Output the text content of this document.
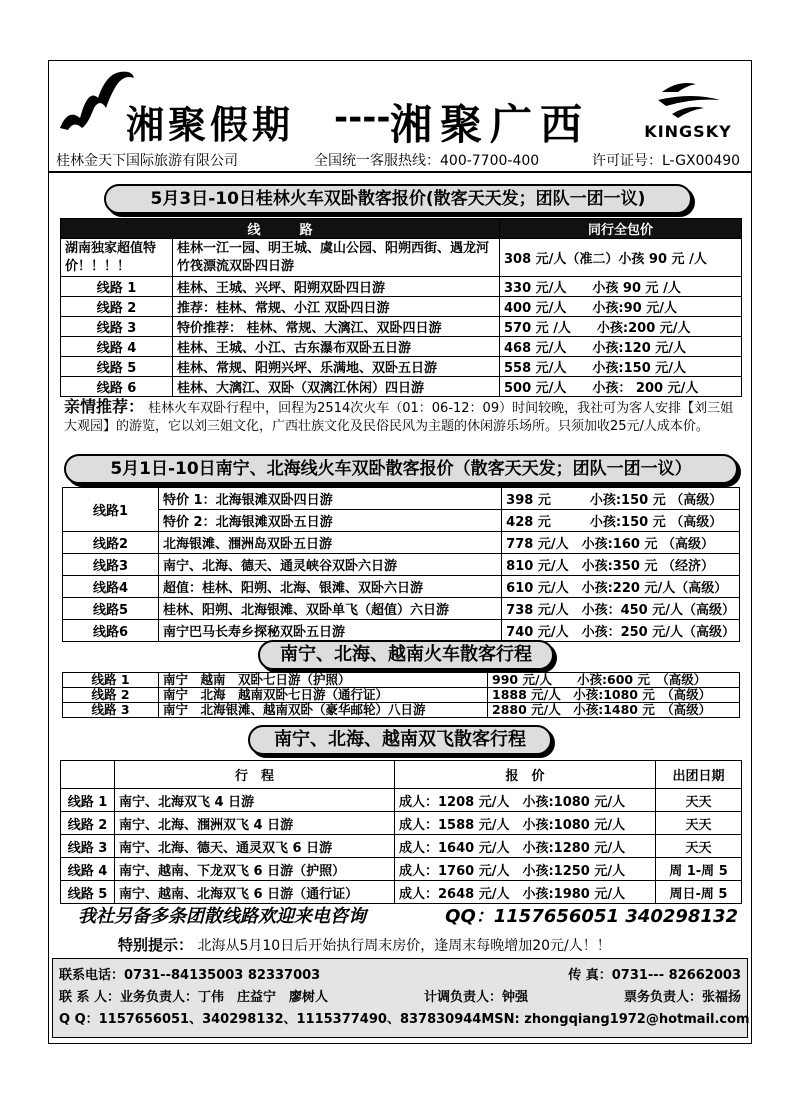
湘聚假期 ---- 湘聚广西	KINGSKY
桂林金天下国际旅游有限公司	全国统一客服热线：400-7700-400	许可证号：L-GX00490
5月3日-10日桂林火车双卧散客报价(散客天天发；团队一团一议)
线　　　路		同行全包价
湖南独家超值特　价！！！！	桂林一江一园、明王城、虞山公园、阳朔西街、遇龙河竹筏漂流双卧四日游	308 元/人（准二）小孩 90 元 /人
线路 1	桂林、王城、兴坪、阳朔双卧四日游	330 元/人　　小孩 90 元 /人
线路 2	推荐：桂林、常规、小江 双卧四日游	400 元/人　　小孩:90 元/人
线路 3	特价推荐： 桂林、常规、大漓江、双卧四日游	570 元 /人　　小孩:200 元/人
线路 4	桂林、王城、小江、古东瀑布双卧五日游	468 元/人　　小孩:120 元/人
线路 5	桂林、常规、阳朔兴坪、乐满地、双卧五日游	558 元/人　　小孩:150 元/人
线路 6	桂林、大漓江、双卧（双漓江休闲）四日游	500 元/人　　小孩： 200 元/人
亲情推荐： 桂林火车双卧行程中，回程为2514次火车（01：06-12：09）时间较晚，我社可为客人安排【刘三姐大观园】的游览，它以刘三姐文化，广西壮族文化及民俗民风为主题的休闲游乐场所。只须加收25元/人成本价。
5月1日-10日南宁、北海线火车双卧散客报价（散客天天发；团队一团一议）
线路1	特价 1：北海银滩双卧四日游	398 元　　　小孩:150 元 （高级）
	特价 2：北海银滩双卧五日游	428 元　　　小孩:150 元 （高级）
线路2	北海银滩、涠洲岛双卧五日游	778 元/人　小孩:160 元 （高级）
线路3	南宁、北海、德天、通灵峡谷双卧六日游	810 元/人　小孩:350 元 （经济）
线路4	超值：桂林、阳朔、北海、银滩、双卧六日游	610 元/人　小孩:220 元/人（高级）
线路5	桂林、阳朔、北海银滩、双卧单飞（超值）六日游	738 元/人　小孩：450 元/人（高级）
线路6	南宁巴马长寿乡探秘双卧五日游	740 元/人　小孩：250 元/人（高级）
南宁、北海、越南火车散客行程
线路 1	南宁　越南　双卧七日游（护照）	990 元/人　　小孩:600 元　（高级）
线路 2	南宁　北海　越南双卧七日游（通行证）	1888 元/人　小孩:1080 元　（高级）
线路 3	南宁　北海银滩、越南双卧（豪华邮轮）八日游	2880 元/人　小孩:1480 元　（高级）
南宁、北海、越南双飞散客行程
	行　程	报　价	出团日期
线路 1	南宁、北海双飞 4 日游	成人：1208 元/人　小孩:1080 元/人	天天
线路 2	南宁、北海、涠洲双飞 4 日游	成人：1588 元/人　小孩:1080 元/人	天天
线路 3	南宁、北海、德天、通灵双飞 6 日游	成人：1640 元/人　小孩:1280 元/人	天天
线路 4	南宁、越南、下龙双飞 6 日游（护照）	成人：1760 元/人　小孩:1250 元/人	周 1-周 5
线路 5	南宁、越南、北海双飞 6 日游（通行证）	成人：2648 元/人　小孩:1980 元/人	周日-周 5
我社另备多条团散线路欢迎来电咨询	QQ：1157656051 340298132
特别提示： 北海从5月10日后开始执行周末房价，逢周末每晚增加20元/人！！
联系电话：0731--84135003 82337003	传 真：0731--- 82662003
联 系 人：业务负责人：丁伟　庄益宁　廖树人	计调负责人：钟强	票务负责人：张福扬
Q Q：1157656051、340298132、1115377490、837830944 MSN: zhongqiang1972@hotmail.com
